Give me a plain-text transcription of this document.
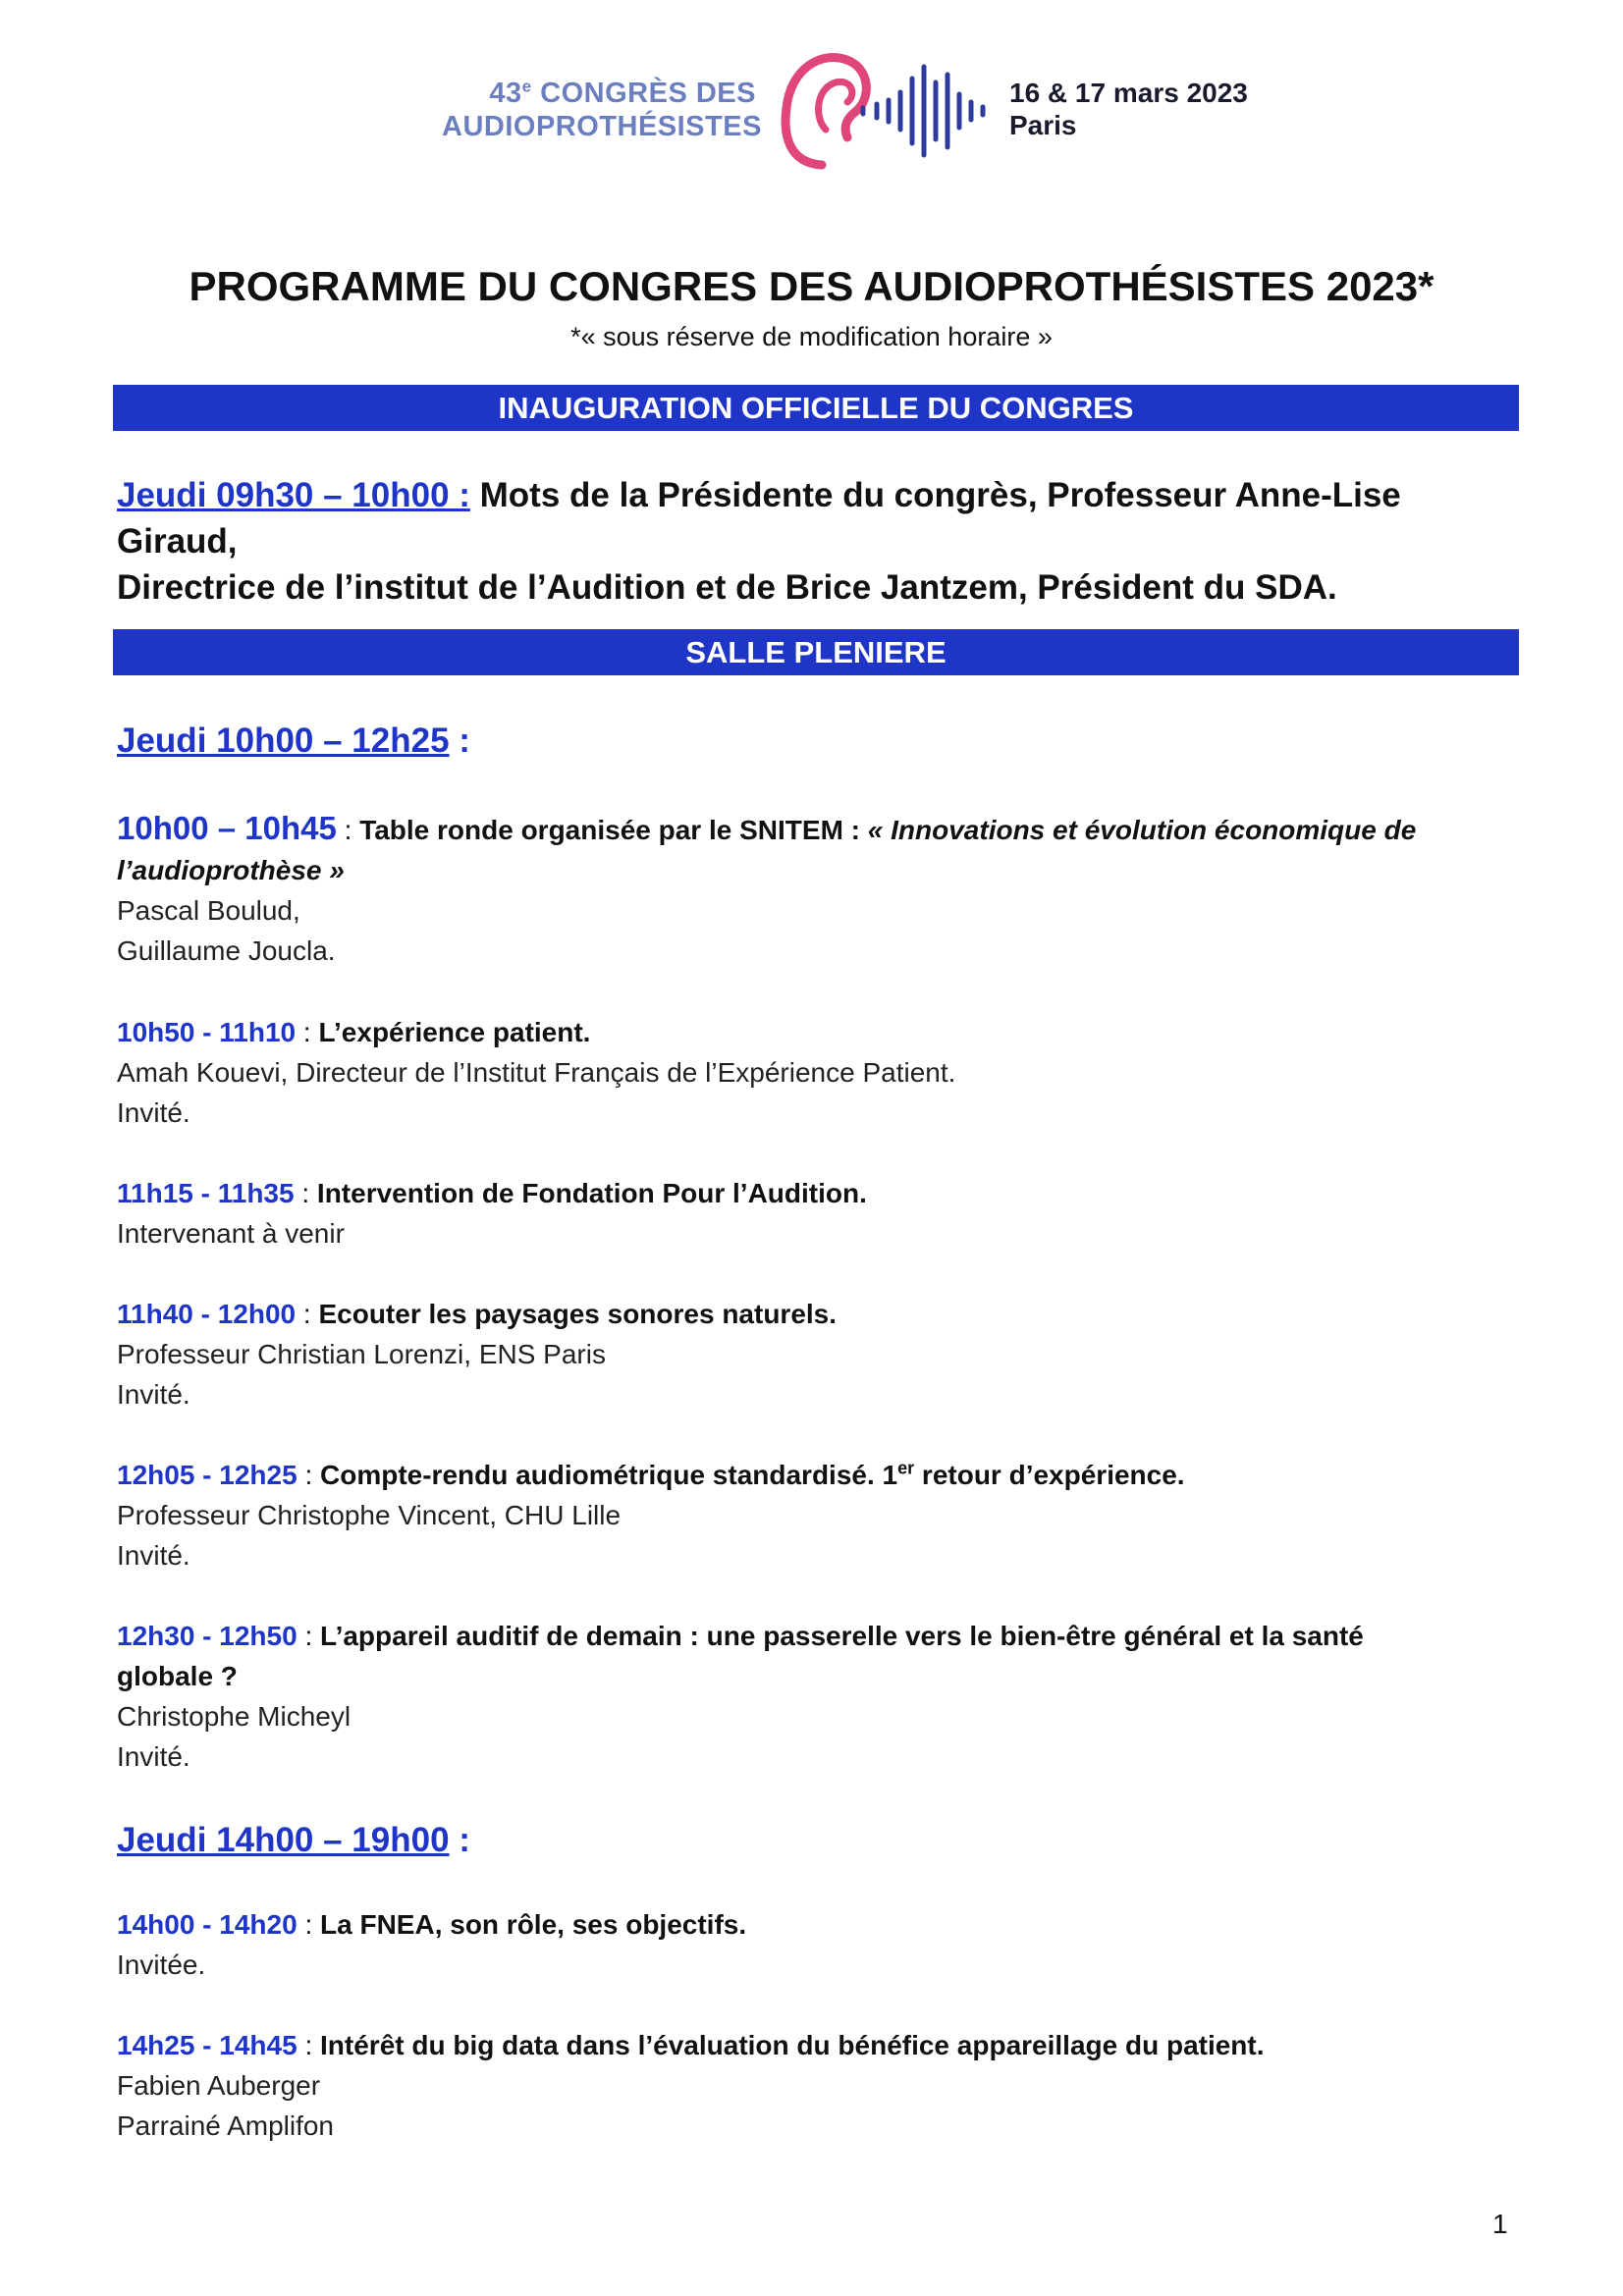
43e CONGRÈS DES
AUDIOPROTHÉSISTES
16 & 17 mars 2023
Paris
PROGRAMME DU CONGRES DES AUDIOPROTHÉSISTES 2023*
*« sous réserve de modification horaire »
INAUGURATION OFFICIELLE DU CONGRES
Jeudi 09h30 – 10h00 : Mots de la Présidente du congrès, Professeur Anne-Lise Giraud,
Directrice de l’institut de l’Audition et de Brice Jantzem, Président du SDA.
SALLE PLENIERE
Jeudi 10h00 – 12h25 :
10h00 – 10h45 : Table ronde organisée par le SNITEM : « Innovations et évolution économique de
l’audioprothèse »
Pascal Boulud,
Guillaume Joucla.
10h50 - 11h10 : L’expérience patient.
Amah Kouevi, Directeur de l’Institut Français de l’Expérience Patient.
Invité.
11h15 - 11h35 : Intervention de Fondation Pour l’Audition.
Intervenant à venir
11h40 - 12h00 : Ecouter les paysages sonores naturels.
Professeur Christian Lorenzi, ENS Paris
Invité.
12h05 - 12h25 : Compte-rendu audiométrique standardisé. 1er retour d’expérience.
Professeur Christophe Vincent, CHU Lille
Invité.
12h30 - 12h50 : L’appareil auditif de demain : une passerelle vers le bien-être général et la santé
globale ?
Christophe Micheyl
Invité.
Jeudi 14h00 – 19h00 :
14h00 - 14h20 : La FNEA, son rôle, ses objectifs.
Invitée.
14h25 - 14h45 : Intérêt du big data dans l’évaluation du bénéfice appareillage du patient.
Fabien Auberger
Parrainé Amplifon
1
